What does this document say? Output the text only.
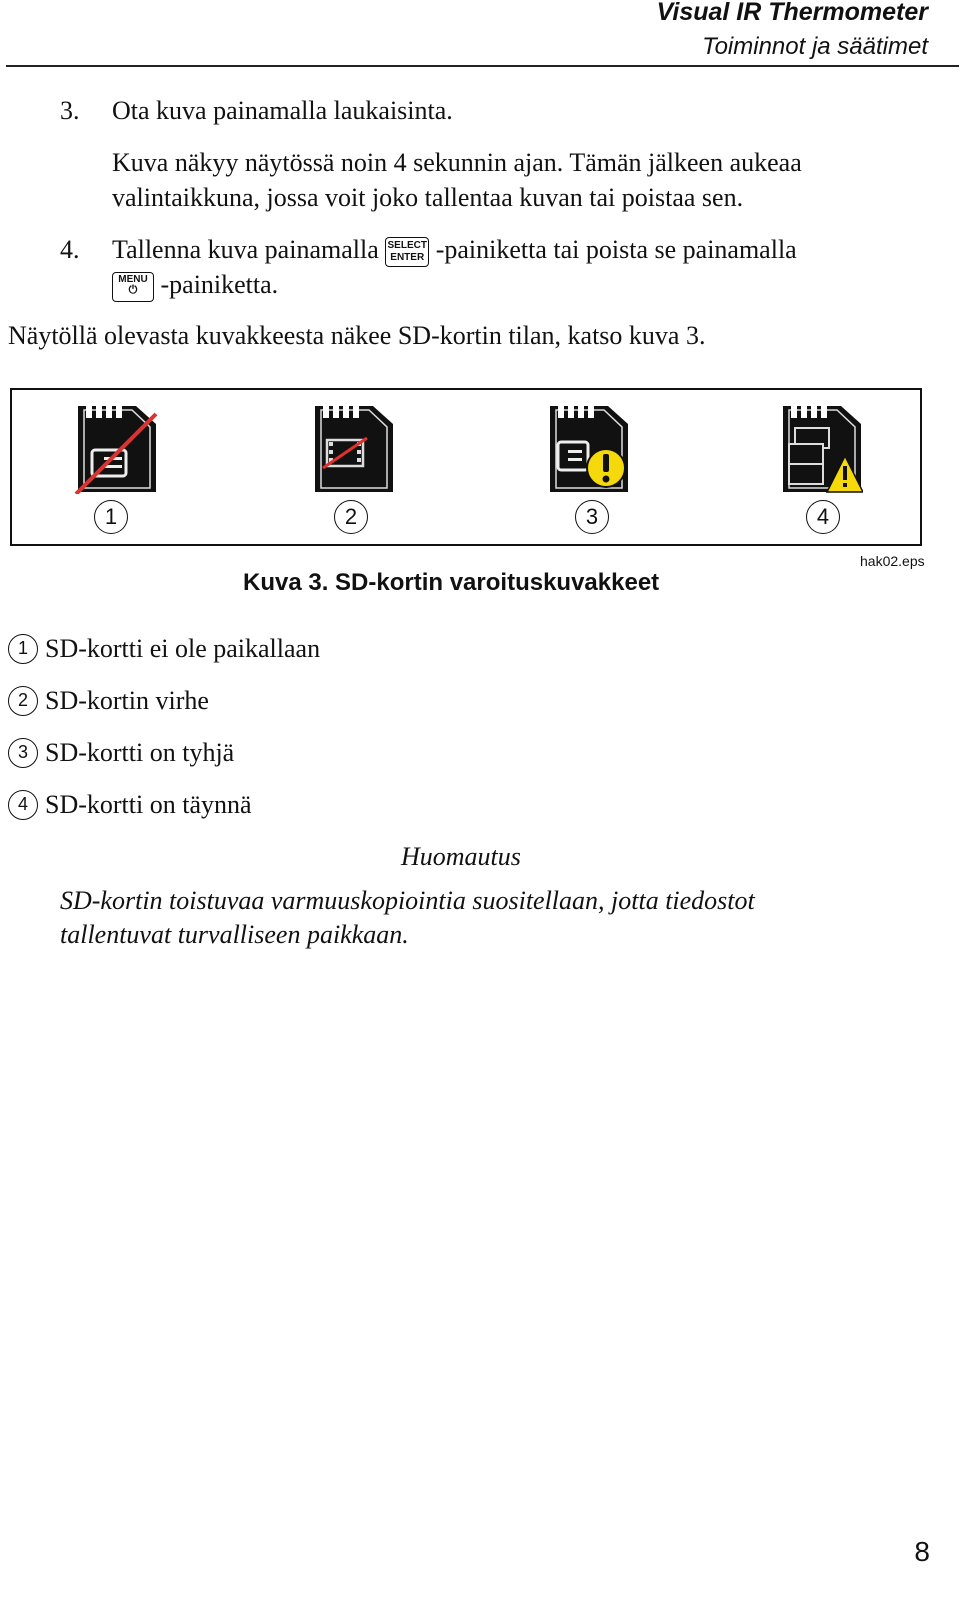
Visual IR Thermometer
Toiminnot ja säätimet
3. Ota kuva painamalla laukaisinta.
Kuva näkyy näytössä noin 4 sekunnin ajan. Tämän jälkeen aukeaa
valintaikkuna, jossa voit joko tallentaa kuvan tai poistaa sen.
4. Tallenna kuva painamalla SELECT
ENTER -painiketta tai poista se painamalla
MENU
⏻ -painiketta.
Näytöllä olevasta kuvakkeesta näkee SD-kortin tilan, katso kuva 3.
1	2	3	4
hak02.eps
Kuva 3. SD-kortin varoituskuvakkeet
1 SD-kortti ei ole paikallaan
2 SD-kortin virhe
3 SD-kortti on tyhjä
4 SD-kortti on täynnä
Huomautus
SD-kortin toistuvaa varmuuskopiointia suositellaan, jotta tiedostot tallentuvat turvalliseen paikkaan.
8
